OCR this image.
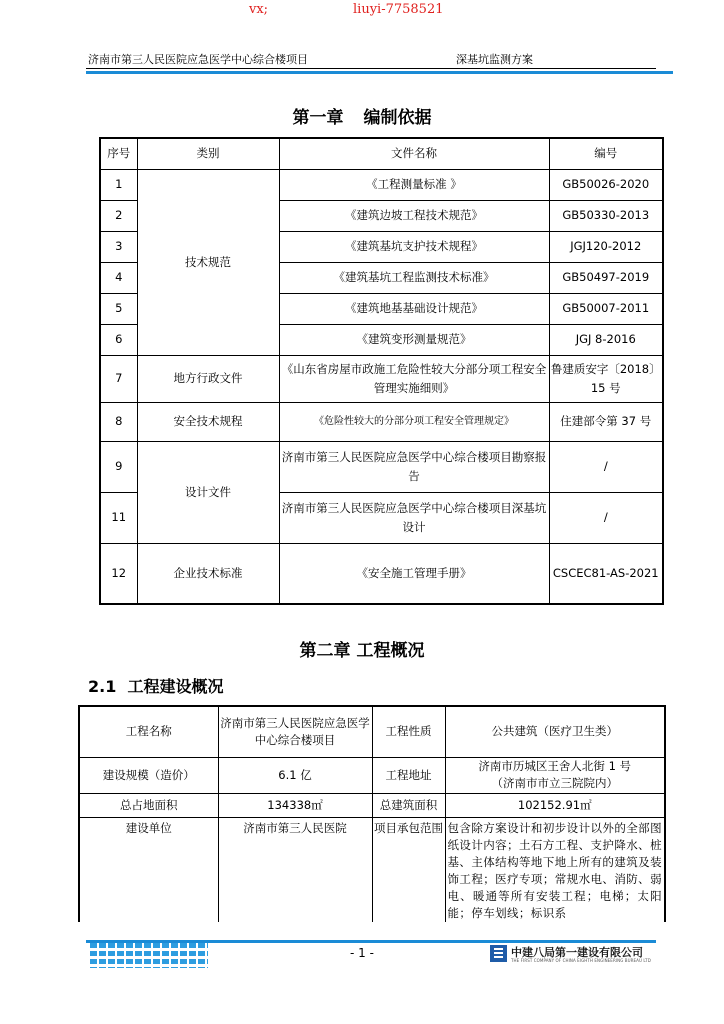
vx;	liuyi-7758521
济南市第三人民医院应急医学中心综合楼项目	深基坑监测方案
第一章 编制依据
序号	类别	文件名称	编号
1	技术规范	《工程测量标准 》	GB50026-2020
2		《建筑边坡工程技术规范》	GB50330-2013
3		《建筑基坑支护技术规程》	JGJ120-2012
4		《建筑基坑工程监测技术标准》	GB50497-2019
5		《建筑地基基础设计规范》	GB50007-2011
6		《建筑变形测量规范》	JGJ 8-2016
7	地方行政文件	《山东省房屋市政施工危险性较大分部分项工程安全管理实施细则》	鲁建质安字〔2018〕15 号
8	安全技术规程	《危险性较大的分部分项工程安全管理规定》	住建部令第 37 号
9	设计文件	济南市第三人民医院应急医学中心综合楼项目勘察报告	/
11		济南市第三人民医院应急医学中心综合楼项目深基坑设计	/
12	企业技术标准	《安全施工管理手册》	CSCEC81-AS-2021
第二章 工程概况
2.1 工程建设概况
工程名称	济南市第三人民医院应急医学中心综合楼项目	工程性质	公共建筑（医疗卫生类）
建设规模（造价）	6.1 亿	工程地址	济南市历城区王舍人北街 1 号
（济南市市立三院院内）

总占地面积	134338㎡	总建筑面积	102152.91㎡
建设单位	济南市第三人民医院	项目承包范围	包含除方案设计和初步设计以外的全部图纸设计内容；土石方工程、支护降水、桩基、主体结构等地下地上所有的建筑及装饰工程；医疗专项；常规水电、消防、弱电、暖通等所有安装工程；电梯；太阳能；停车划线；标识系
- 1 -	中建八局第一建设有限公司
THE FIRST COMPANY OF CHINA EIGHTH ENGINEERING BUREAU LTD
